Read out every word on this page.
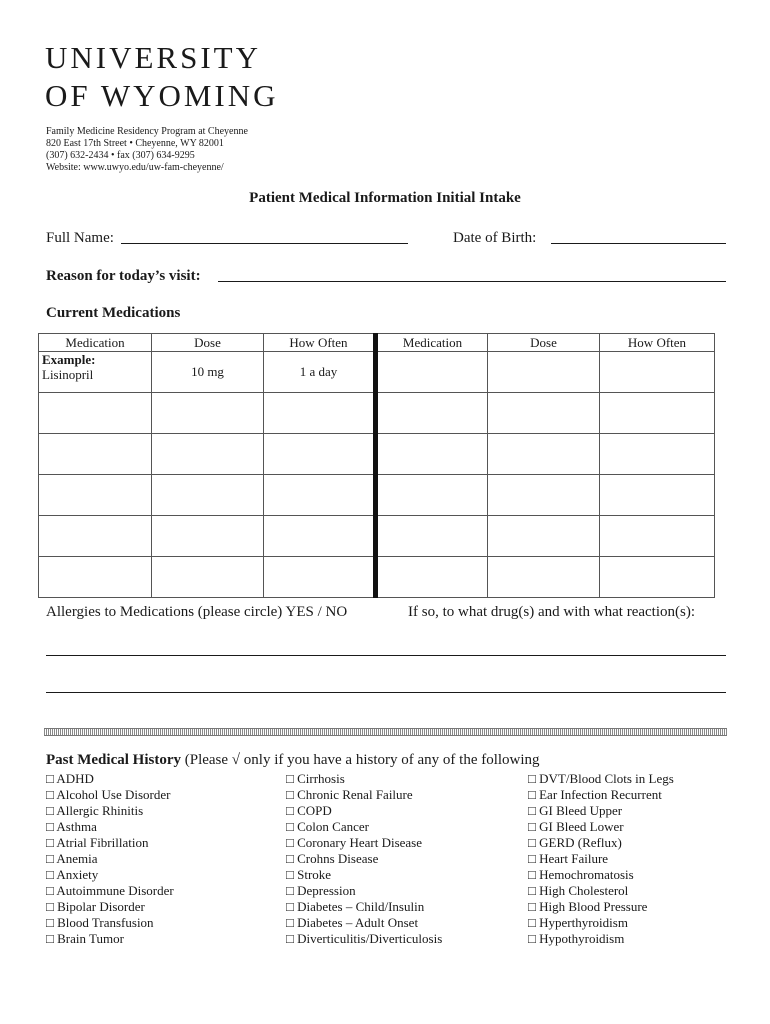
UNIVERSITY
OF WYOMING
Family Medicine Residency Program at Cheyenne
820 East 17th Street • Cheyenne, WY 82001
(307) 632-2434 • fax (307) 634-9295
Website: www.uwyo.edu/uw-fam-cheyenne/
Patient Medical Information Initial Intake
Full Name:	Date of Birth:
Reason for today’s visit:
Current Medications
Medication	Dose	How Often	Medication	Dose	How Often

Example:
Lisinopril	10 mg	1 a day			

Allergies to Medications (please circle) YES / NO	If so, to what drug(s) and with what reaction(s):
Past Medical History (Please √ only if you have a history of any of the following
□ ADHD
□ Alcohol Use Disorder
□ Allergic Rhinitis
□ Asthma
□ Atrial Fibrillation
□ Anemia
□ Anxiety
□ Autoimmune Disorder
□ Bipolar Disorder
□ Blood Transfusion
□ Brain Tumor
□ Cirrhosis
□ Chronic Renal Failure
□ COPD
□ Colon Cancer
□ Coronary Heart Disease
□ Crohns Disease
□ Stroke
□ Depression
□ Diabetes – Child/Insulin
□ Diabetes – Adult Onset
□ Diverticulitis/Diverticulosis
□ DVT/Blood Clots in Legs
□ Ear Infection Recurrent
□ GI Bleed Upper
□ GI Bleed Lower
□ GERD (Reflux)
□ Heart Failure
□ Hemochromatosis
□ High Cholesterol
□ High Blood Pressure
□ Hyperthyroidism
□ Hypothyroidism
